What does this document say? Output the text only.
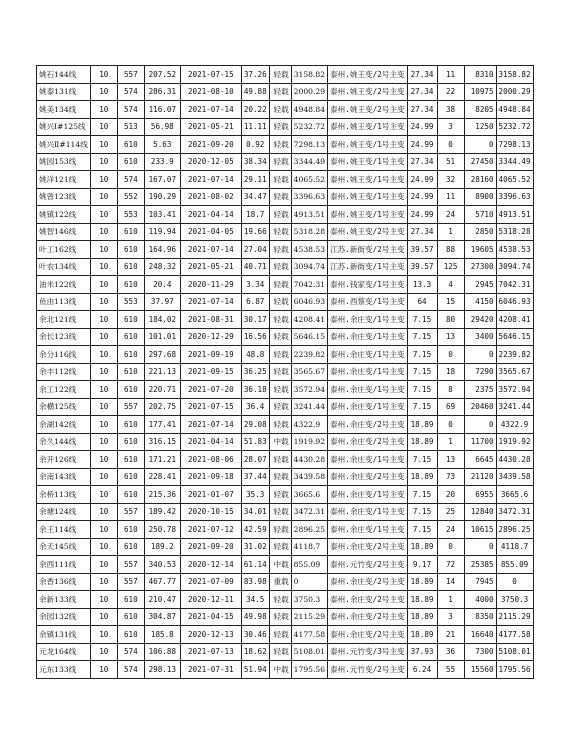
姚石144线	10	557	207.52	2021-07-15	37.26	轻载	3158.82	泰州.姚王变/2号主变	27.34	11	8310	3158.82
姚泰131线	10	574	286.31	2021-08-10	49.88	轻载	2000.29	泰州.姚王变/2号主变	27.34	22	10975	2000.29
姚美134线	10	574	116.07	2021-07-14	20.22	轻载	4948.84	泰州.姚王变/2号主变	27.34	38	8205	4948.84
姚兴Ⅰ#125线	10	513	56.98	2021-05-21	11.11	轻载	5232.72	泰州.姚王变/1号主变	24.99	3	1250	5232.72
姚兴Ⅱ#114线	10	610	5.63	2021-09-20	0.92	轻载	7298.13	泰州.姚王变/1号主变	24.99	0	0	7298.13
姚园153线	10	610	233.9	2020-12-05	38.34	轻载	3344.49	泰州.姚王变/1号主变	27.34	51	27450	3344.49
姚洋121线	10	574	167.07	2021-07-14	29.11	轻载	4065.52	泰州.姚王变/1号主变	24.99	32	28160	4065.52
姚曾123线	10	552	190.29	2021-08-02	34.47	轻载	3396.63	泰州.姚王变/1号主变	24.99	11	8900	3396.63
姚镇122线	10	553	103.41	2021-04-14	18.7	轻载	4913.51	泰州.姚王变/1号主变	24.99	24	5710	4913.51
姚智146线	10	610	119.94	2021-04-05	19.66	轻载	5318.28	泰州.姚王变/2号主变	27.34	1	2850	5318.28
叶工162线	10	610	164.96	2021-07-14	27.04	轻载	4538.53	江苏.新街变/2号主变	39.57	88	19605	4538.53
叶农134线	10	610	248.32	2021-05-21	40.71	轻载	3094.74	江苏.新街变/1号主变	39.57	125	27300	3094.74
油米122线	10	610	20.4	2020-11-29	3.34	轻载	7042.31	泰州.钱家变/1号主变	13.3	4	2945	7042.31
鱼由113线	10	553	37.97	2021-07-14	6.87	轻载	6046.93	泰州.西蔡变/1号主变	64	15	4150	6046.93
余北121线	10	610	184.02	2021-08-31	30.17	轻载	4208.41	泰州.余庄变/1号主变	7.15	80	29420	4208.41
余长123线	10	610	101.01	2020-12-29	16.56	轻载	5646.15	泰州.余庄变/1号主变	7.15	13	3400	5646.15
余分116线	10	610	297.68	2021-09-19	48.8	轻载	2239.82	泰州.余庄变/1号主变	7.15	0	0	2239.82
余丰112线	10	610	221.13	2021-09-15	36.25	轻载	3565.67	泰州.余庄变/1号主变	7.15	18	7290	3565.67
余工122线	10	610	220.71	2021-07-20	36.18	轻载	3572.94	泰州.余庄变/1号主变	7.15	8	2375	3572.94
余横125线	10	557	202.75	2021-07-15	36.4	轻载	3241.44	泰州.余庄变/1号主变	7.15	69	20460	3241.44
余湖142线	10	610	177.41	2021-07-14	29.08	轻载	4322.9	泰州.余庄变/2号主变	18.89	0	0	4322.9
余久144线	10	610	316.15	2021-04-14	51.83	中载	1919.92	泰州.余庄变/2号主变	18.89	1	11700	1919.92
余开126线	10	610	171.21	2021-08-06	28.07	轻载	4430.28	泰州.余庄变/1号主变	7.15	13	6645	4430.28
余南143线	10	610	228.41	2021-09-18	37.44	轻载	3439.58	泰州.余庄变/2号主变	18.89	73	21120	3439.58
余桥113线	10	610	215.36	2021-01-07	35.3	轻载	3665.6	泰州.余庄变/1号主变	7.15	20	6955	3665.6
余塘124线	10	557	189.42	2020-10-15	34.01	轻载	3472.31	泰州.余庄变/1号主变	7.15	25	12840	3472.31
余王114线	10	610	250.78	2021-07-12	42.59	轻载	2896.25	泰州.余庄变/1号主变	7.15	24	10615	2896.25
余天145线	10	610	189.2	2021-09-20	31.02	轻载	4118.7	泰州.余庄变/2号主变	18.89	0	0	4118.7
余西111线	10	557	340.53	2020-12-14	61.14	中载	855.09	泰州.元竹变/2号主变	9.17	72	25385	855.09
余香136线	10	557	467.77	2021-07-09	83.98	重载	0	泰州.余庄变/2号主变	18.89	14	7945	0
余新133线	10	610	210.47	2020-12-11	34.5	轻载	3750.3	泰州.余庄变/2号主变	18.89	1	4000	3750.3
余园132线	10	610	304.87	2021-04-15	49.98	轻载	2115.29	泰州.余庄变/2号主变	18.89	3	8350	2115.29
余镇131线	10	610	185.8	2020-12-13	30.46	轻载	4177.58	泰州.余庄变/2号主变	18.89	21	16640	4177.58
元龙164线	10	574	106.88	2021-07-13	18.62	轻载	5108.01	泰州.元竹变/3号主变	37.93	36	7300	5108.01
元东133线	10	574	298.13	2021-07-31	51.94	中载	1795.56	泰州.元竹变/2号主变	6.24	55	15560	1795.56
